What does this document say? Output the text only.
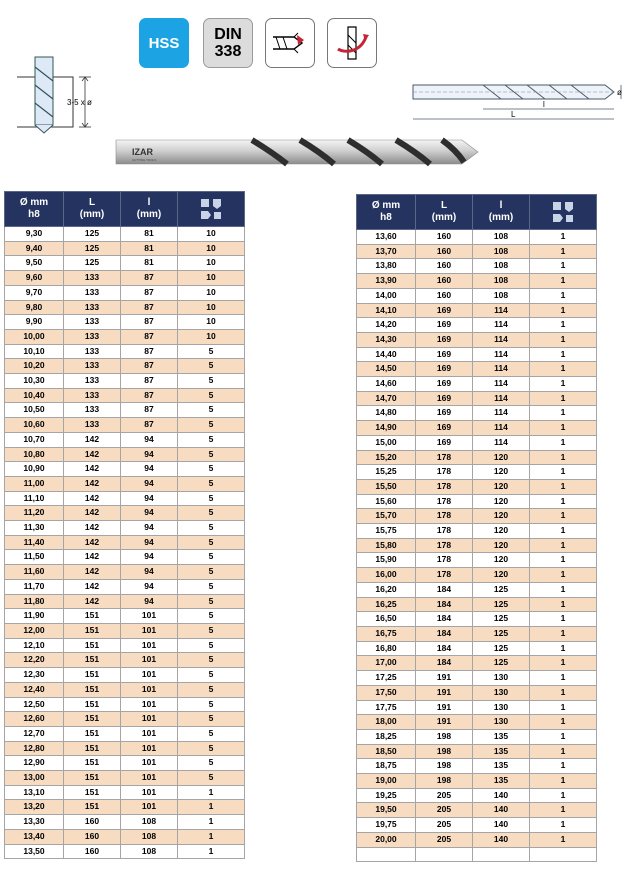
HSS	DIN
338
3-5 x ø
ø
l
L
IZAR
CUTTING TOOLS
Ø mm
h8	L
(mm)	l
(mm)	

9,30	125	81	10
9,40	125	81	10
9,50	125	81	10
9,60	133	87	10
9,70	133	87	10
9,80	133	87	10
9,90	133	87	10
10,00	133	87	10
10,10	133	87	5
10,20	133	87	5
10,30	133	87	5
10,40	133	87	5
10,50	133	87	5
10,60	133	87	5
10,70	142	94	5
10,80	142	94	5
10,90	142	94	5
11,00	142	94	5
11,10	142	94	5
11,20	142	94	5
11,30	142	94	5
11,40	142	94	5
11,50	142	94	5
11,60	142	94	5
11,70	142	94	5
11,80	142	94	5
11,90	151	101	5
12,00	151	101	5
12,10	151	101	5
12,20	151	101	5
12,30	151	101	5
12,40	151	101	5
12,50	151	101	5
12,60	151	101	5
12,70	151	101	5
12,80	151	101	5
12,90	151	101	5
13,00	151	101	5
13,10	151	101	1
13,20	151	101	1
13,30	160	108	1
13,40	160	108	1
13,50	160	108	1
Ø mm
h8	L
(mm)	l
(mm)	

13,60	160	108	1
13,70	160	108	1
13,80	160	108	1
13,90	160	108	1
14,00	160	108	1
14,10	169	114	1
14,20	169	114	1
14,30	169	114	1
14,40	169	114	1
14,50	169	114	1
14,60	169	114	1
14,70	169	114	1
14,80	169	114	1
14,90	169	114	1
15,00	169	114	1
15,20	178	120	1
15,25	178	120	1
15,50	178	120	1
15,60	178	120	1
15,70	178	120	1
15,75	178	120	1
15,80	178	120	1
15,90	178	120	1
16,00	178	120	1
16,20	184	125	1
16,25	184	125	1
16,50	184	125	1
16,75	184	125	1
16,80	184	125	1
17,00	184	125	1
17,25	191	130	1
17,50	191	130	1
17,75	191	130	1
18,00	191	130	1
18,25	198	135	1
18,50	198	135	1
18,75	198	135	1
19,00	198	135	1
19,25	205	140	1
19,50	205	140	1
19,75	205	140	1
20,00	205	140	1
